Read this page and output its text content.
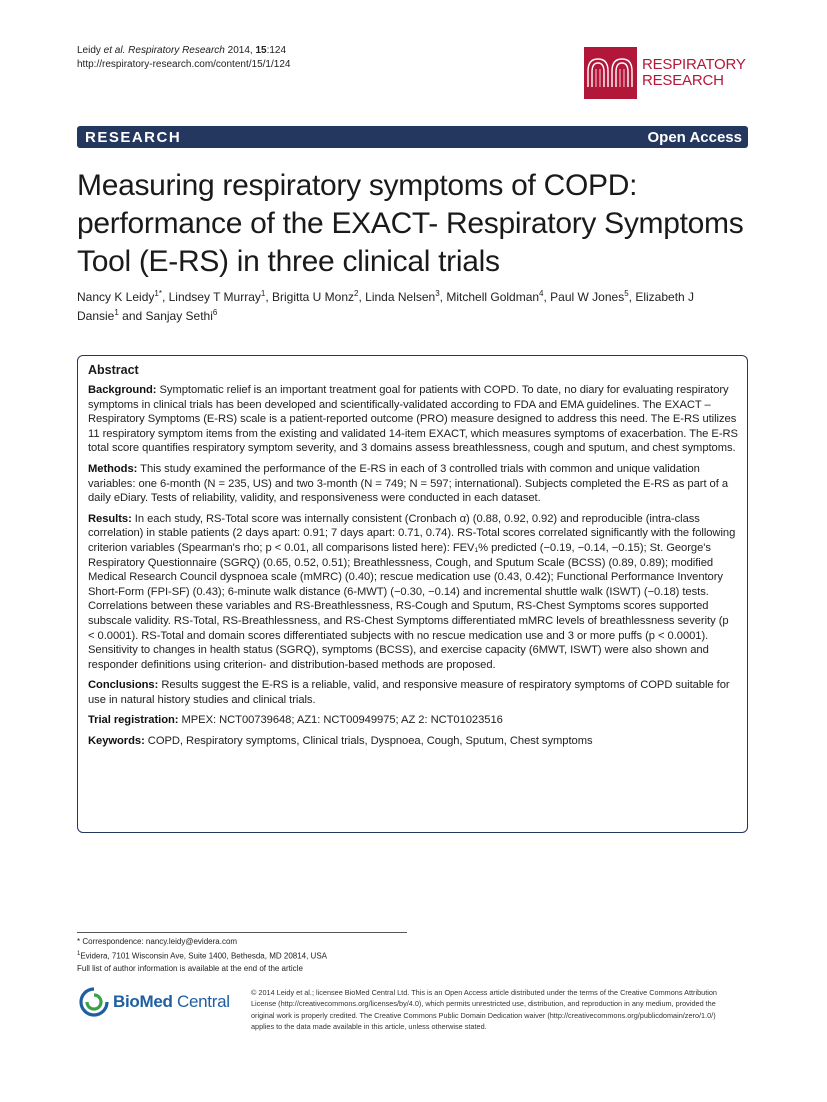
Leidy et al. Respiratory Research 2014, 15:124
http://respiratory-research.com/content/15/1/124	RESPIRATORY
RESEARCH
RESEARCH	Open Access
Measuring respiratory symptoms of COPD: performance of the EXACT- Respiratory Symptoms Tool (E-RS) in three clinical trials
Nancy K Leidy$^{1*}$, Lindsey T Murray$^1$, Brigitta U Monz$^2$, Linda Nelsen$^3$, Mitchell Goldman$^4$, Paul W Jones$^5$, Elizabeth J Dansie$^1$ and Sanjay Sethi$^6$
Abstract

Background: Symptomatic relief is an important treatment goal for patients with COPD. To date, no diary for evaluating respiratory symptoms in clinical trials has been developed and scientifically-validated according to FDA and EMA guidelines. The EXACT – Respiratory Symptoms (E-RS) scale is a patient-reported outcome (PRO) measure designed to address this need. The E-RS utilizes 11 respiratory symptom items from the existing and validated 14-item EXACT, which measures symptoms of exacerbation. The E-RS total score quantifies respiratory symptom severity, and 3 domains assess breathlessness, cough and sputum, and chest symptoms.

Methods: This study examined the performance of the E-RS in each of 3 controlled trials with common and unique validation variables: one 6-month (N = 235, US) and two 3-month (N = 749; N = 597; international). Subjects completed the E-RS as part of a daily eDiary. Tests of reliability, validity, and responsiveness were conducted in each dataset.

Results: In each study, RS-Total score was internally consistent (Cronbach α) (0.88, 0.92, 0.92) and reproducible (intra-class correlation) in stable patients (2 days apart: 0.91; 7 days apart: 0.71, 0.74). RS-Total scores correlated significantly with the following criterion variables (Spearman's rho; p < 0.01, all comparisons listed here): FEV₁% predicted (−0.19, −0.14, −0.15); St. George's Respiratory Questionnaire (SGRQ) (0.65, 0.52, 0.51); Breathlessness, Cough, and Sputum Scale (BCSS) (0.89, 0.89); modified Medical Research Council dyspnoea scale (mMRC) (0.40); rescue medication use (0.43, 0.42); Functional Performance Inventory Short-Form (FPI-SF) (0.43); 6-minute walk distance (6-MWT) (−0.30, −0.14) and incremental shuttle walk (ISWT) (−0.18) tests. Correlations between these variables and RS-Breathlessness, RS-Cough and Sputum, RS-Chest Symptoms scores supported subscale validity. RS-Total, RS-Breathlessness, and RS-Chest Symptoms differentiated mMRC levels of breathlessness severity (p < 0.0001). RS-Total and domain scores differentiated subjects with no rescue medication use and 3 or more puffs (p < 0.0001). Sensitivity to changes in health status (SGRQ), symptoms (BCSS), and exercise capacity (6MWT, ISWT) were also shown and responder definitions using criterion- and distribution-based methods are proposed.

Conclusions: Results suggest the E-RS is a reliable, valid, and responsive measure of respiratory symptoms of COPD suitable for use in natural history studies and clinical trials.

Trial registration: MPEX: NCT00739648; AZ1: NCT00949975; AZ 2: NCT01023516

Keywords: COPD, Respiratory symptoms, Clinical trials, Dyspnoea, Cough, Sputum, Chest symptoms

* Correspondence: nancy.leidy@evidera.com
$^1$Evidera, 7101 Wisconsin Ave, Suite 1400, Bethesda, MD 20814, USA
Full list of author information is available at the end of the article
BioMed Central	© 2014 Leidy et al.; licensee BioMed Central Ltd. This is an Open Access article distributed under the terms of the Creative Commons Attribution License (http://creativecommons.org/licenses/by/4.0), which permits unrestricted use, distribution, and reproduction in any medium, provided the original work is properly credited. The Creative Commons Public Domain Dedication waiver (http://creativecommons.org/publicdomain/zero/1.0/) applies to the data made available in this article, unless otherwise stated.
